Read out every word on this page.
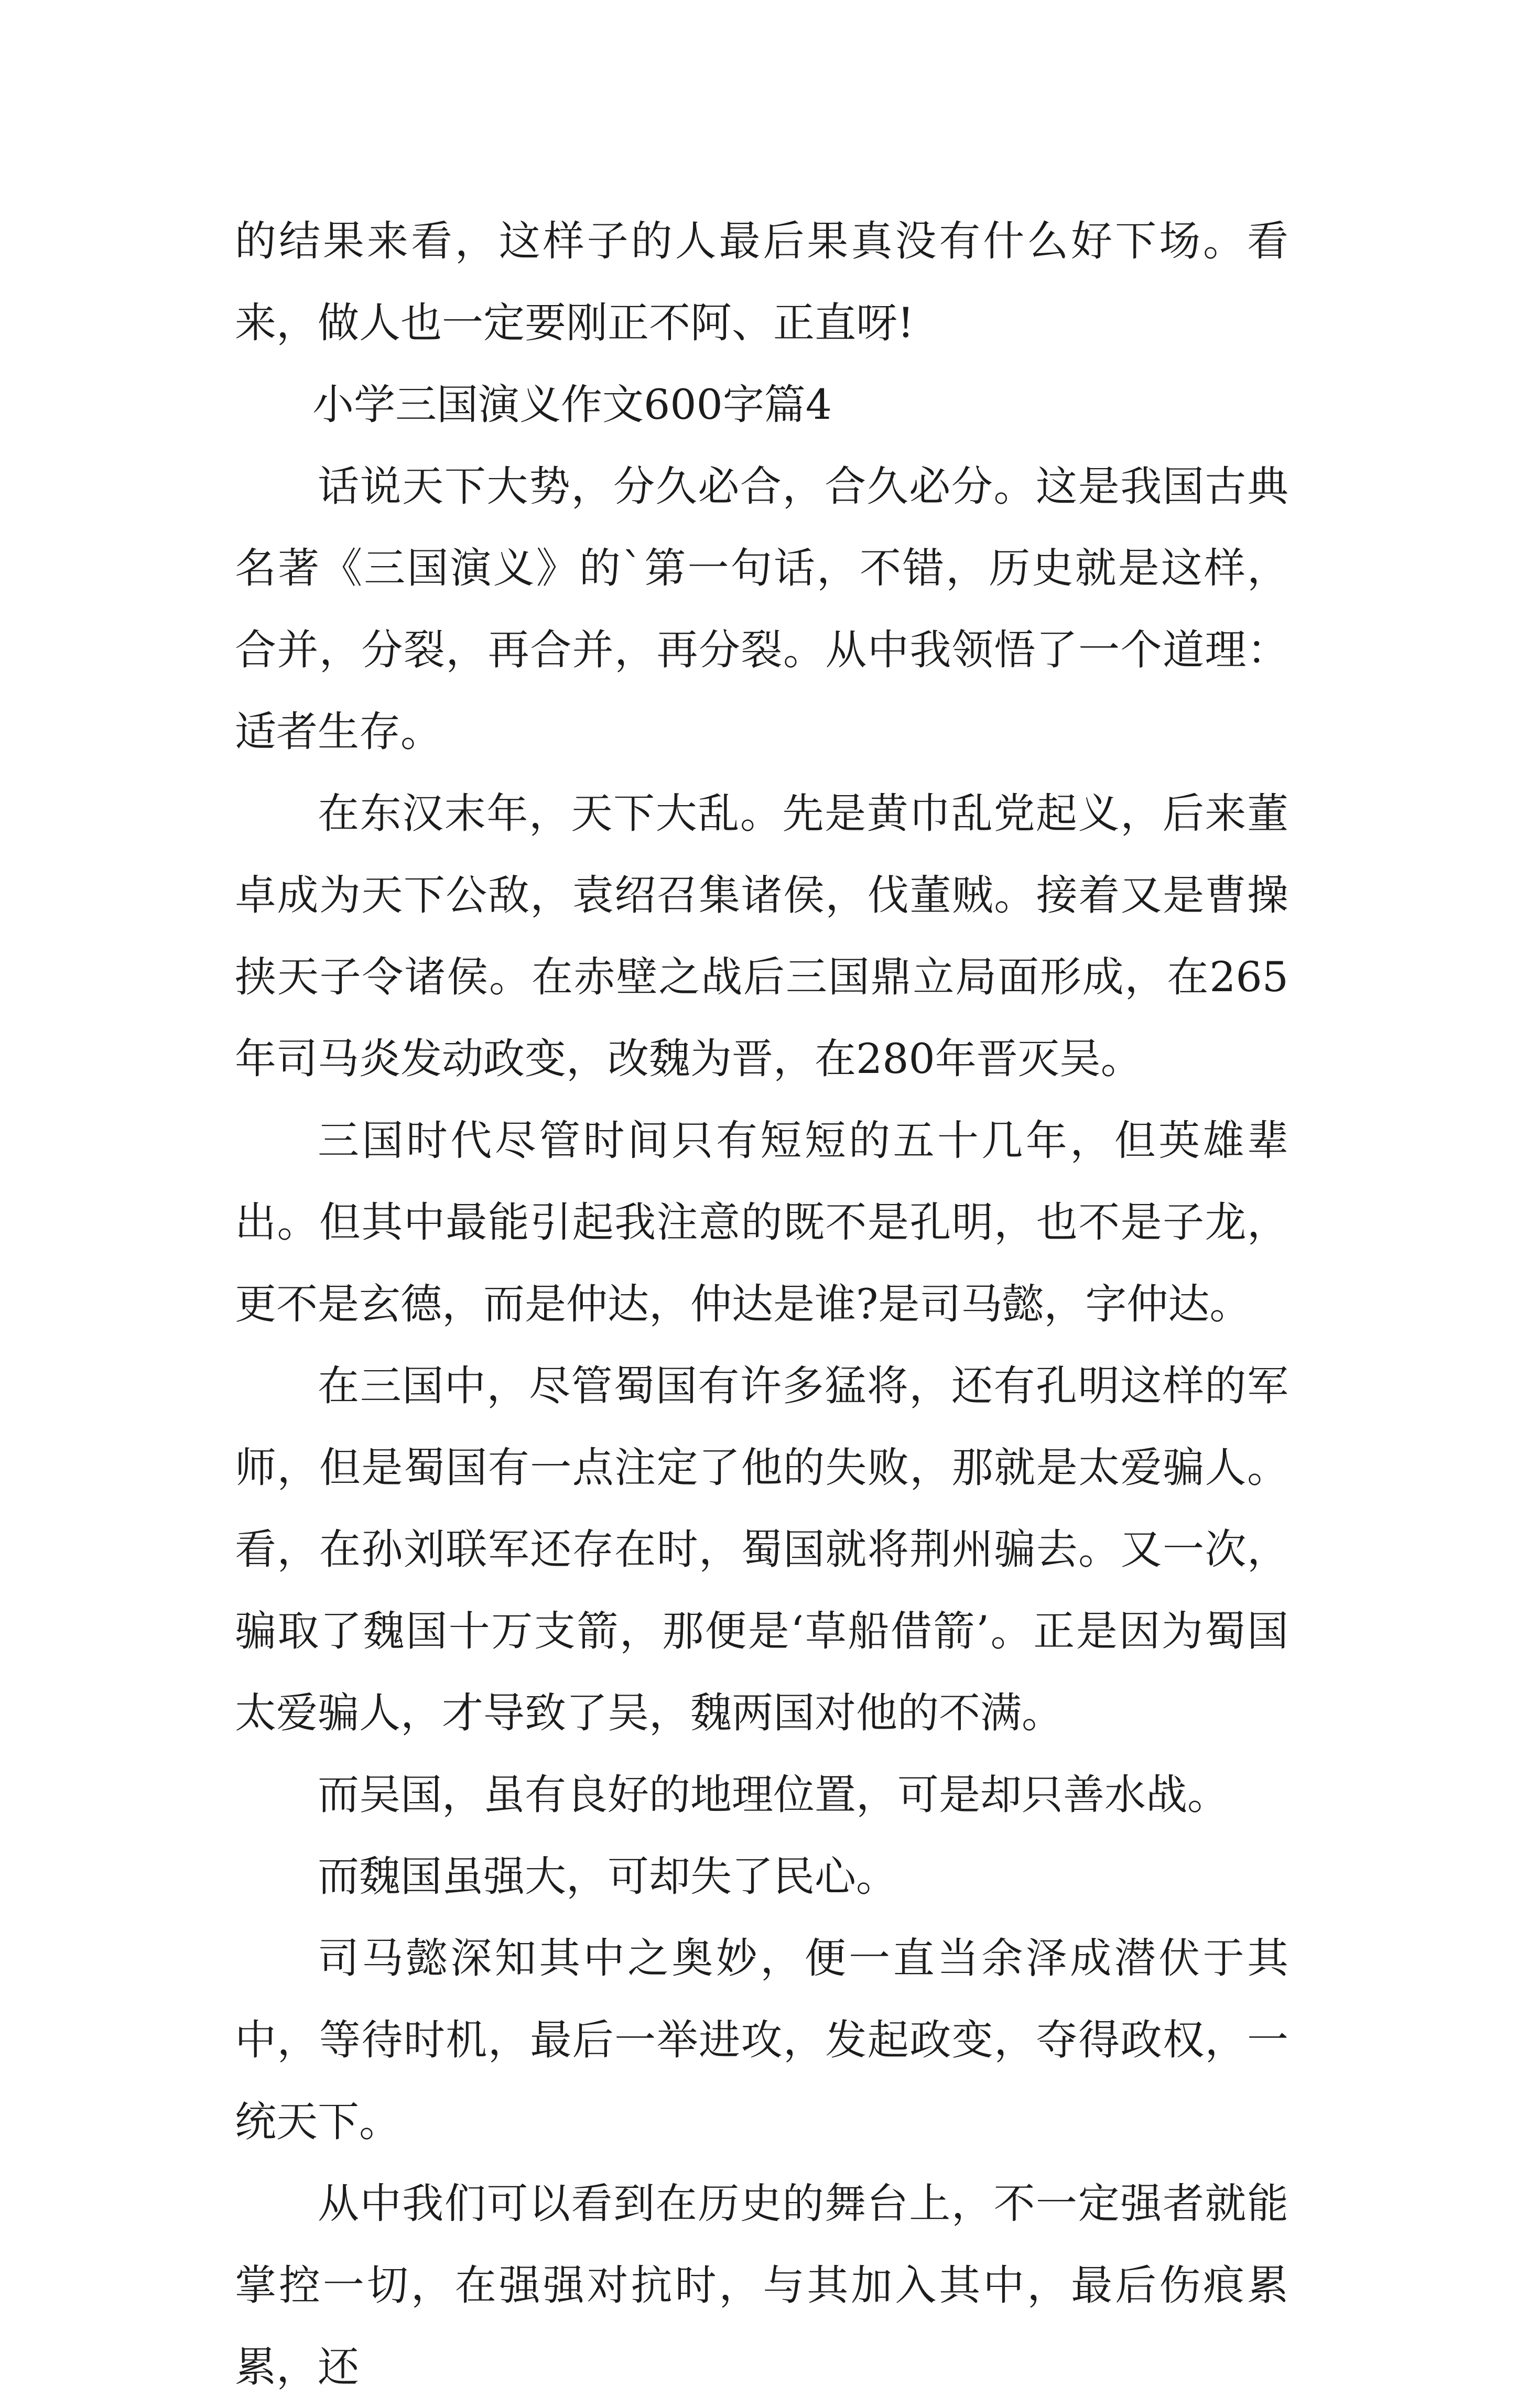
的结果来看，这样子的人最后果真没有什么好下场。看来，做人也一定要刚正不阿、正直呀!

小学三国演义作文600字篇4

话说天下大势，分久必合，合久必分。这是我国古典名著《三国演义》的`第一句话，不错，历史就是这样，合并，分裂，再合并，再分裂。从中我领悟了一个道理：适者生存。

在东汉末年，天下大乱。先是黄巾乱党起义，后来董卓成为天下公敌，袁绍召集诸侯，伐董贼。接着又是曹操挟天子令诸侯。在赤壁之战后三国鼎立局面形成，在265年司马炎发动政变，改魏为晋，在280年晋灭吴。

三国时代尽管时间只有短短的五十几年，但英雄辈出。但其中最能引起我注意的既不是孔明，也不是子龙，更不是玄德，而是仲达，仲达是谁?是司马懿，字仲达。

在三国中，尽管蜀国有许多猛将，还有孔明这样的军师，但是蜀国有一点注定了他的失败，那就是太爱骗人。看，在孙刘联军还存在时，蜀国就将荆州骗去。又一次，骗取了魏国十万支箭，那便是‘草船借箭’。正是因为蜀国太爱骗人，才导致了吴，魏两国对他的不满。

而吴国，虽有良好的地理位置，可是却只善水战。

而魏国虽强大，可却失了民心。

司马懿深知其中之奥妙，便一直当余泽成潜伏于其中，等待时机，最后一举进攻，发起政变，夺得政权，一统天下。

从中我们可以看到在历史的舞台上，不一定强者就能掌控一切，在强强对抗时，与其加入其中，最后伤痕累累，还
